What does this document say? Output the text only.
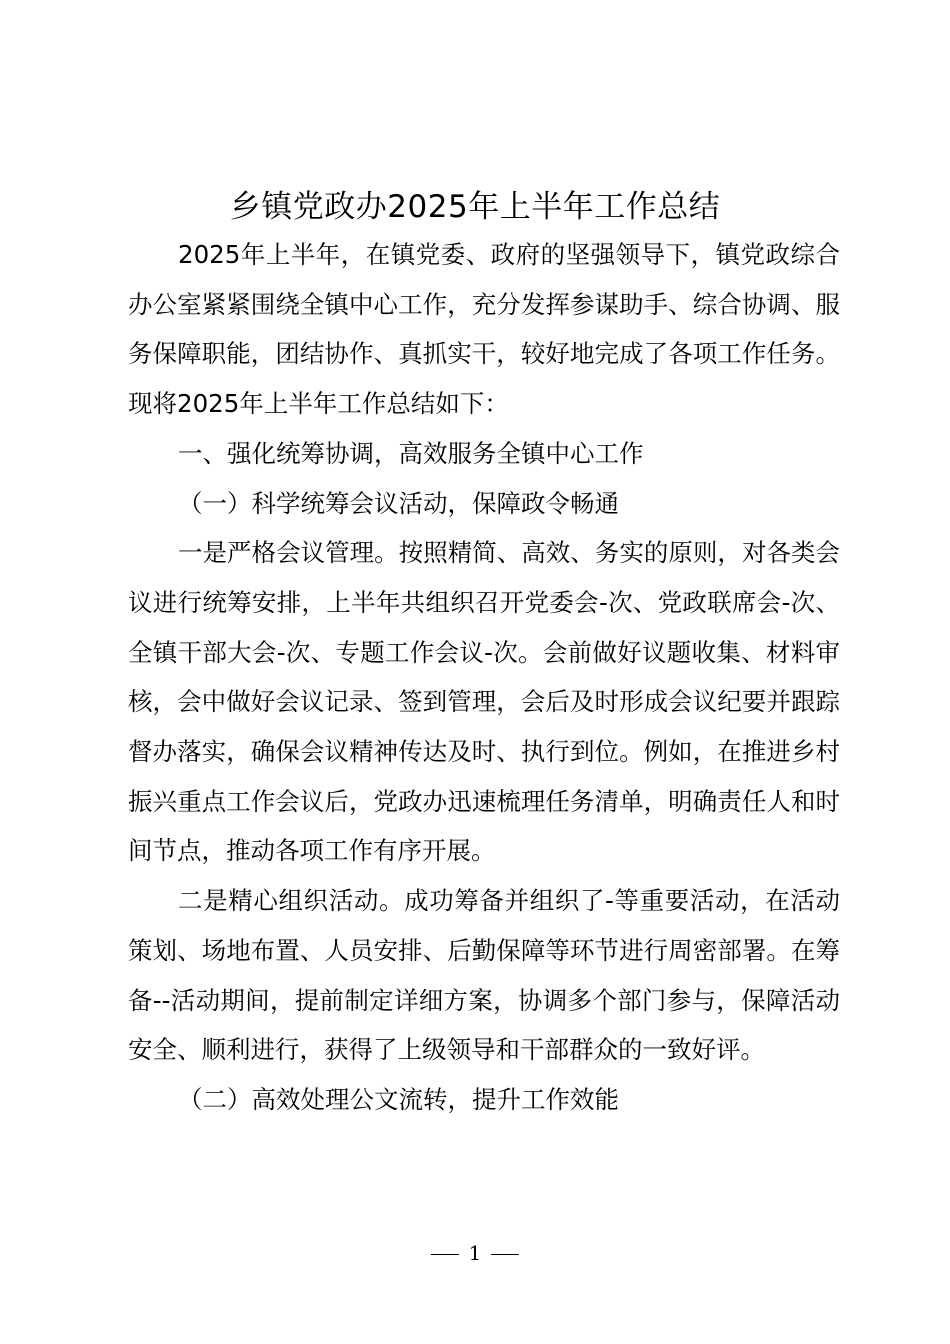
乡镇党政办2025年上半年工作总结

2025年上半年，在镇党委、政府的坚强领导下，镇党政综合办公室紧紧围绕全镇中心工作，充分发挥参谋助手、综合协调、服务保障职能，团结协作、真抓实干，较好地完成了各项工作任务。现将2025年上半年工作总结如下：

一、强化统筹协调，高效服务全镇中心工作

（一）科学统筹会议活动，保障政令畅通

一是严格会议管理。按照精简、高效、务实的原则，对各类会议进行统筹安排，上半年共组织召开党委会-次、党政联席会-次、全镇干部大会-次、专题工作会议-次。会前做好议题收集、材料审核，会中做好会议记录、签到管理，会后及时形成会议纪要并跟踪督办落实，确保会议精神传达及时、执行到位。例如，在推进乡村振兴重点工作会议后，党政办迅速梳理任务清单，明确责任人和时间节点，推动各项工作有序开展。

二是精心组织活动。成功筹备并组织了-等重要活动，在活动策划、场地布置、人员安排、后勤保障等环节进行周密部署。在筹备--活动期间，提前制定详细方案，协调多个部门参与，保障活动安全、顺利进行，获得了上级领导和干部群众的一致好评。

（二）高效处理公文流转，提升工作效能

1
